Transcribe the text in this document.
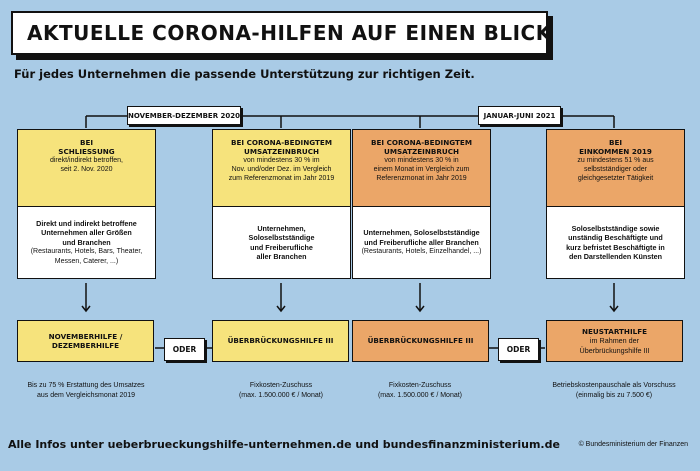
AKTUELLE CORONA-HILFEN AUF EINEN BLICK
Für jedes Unternehmen die passende Unterstützung zur richtigen Zeit.
NOVEMBER-DEZEMBER 2020	JANUAR-JUNI 2021
BEI
SCHLIESSUNG
direkt/indirekt betroffen,
seit 2. Nov. 2020
Direkt und indirekt betroffene
Unternehmen aller Größen
und Branchen
(Restaurants, Hotels, Bars, Theater,
Messen, Caterer, ...)
BEI CORONA-BEDINGTEM
UMSATZEINBRUCH
von mindestens 30 % im
Nov. und/oder Dez. im Vergleich
zum Referenzmonat im Jahr 2019
Unternehmen,
Soloselbstständige
und Freiberufliche
aller Branchen
BEI CORONA-BEDINGTEM
UMSATZEINBRUCH
von mindestens 30 % in
einem Monat im Vergleich zum
Referenzmonat im Jahr 2019
Unternehmen, Soloselbstständige
und Freiberufliche aller Branchen
(Restaurants, Hotels, Einzelhandel, ...)
BEI
EINKOMMEN 2019
zu mindestens 51 % aus
selbstständiger oder
gleichgesetzter Tätigkeit
Soloselbstständige sowie
unständig Beschäftigte und
kurz befristet Beschäftigte in
den Darstellenden Künsten
NOVEMBERHILFE /
DEZEMBERHILFE
ÜBERBRÜCKUNGSHILFE III	ÜBERBRÜCKUNGSHILFE III
NEUSTARTHILFE
im Rahmen der
Überbrückungshilfe III
ODER	ODER
Bis zu 75 % Erstattung des Umsatzes
aus dem Vergleichsmonat 2019
Fixkosten-Zuschuss
(max. 1.500.000 € / Monat)
Fixkosten-Zuschuss
(max. 1.500.000 € / Monat)
Betriebskostenpauschale als Vorschuss
(einmalig bis zu 7.500 €)
Alle Infos unter ueberbrueckungshilfe-unternehmen.de und bundesfinanzministerium.de	© Bundesministerium der Finanzen
